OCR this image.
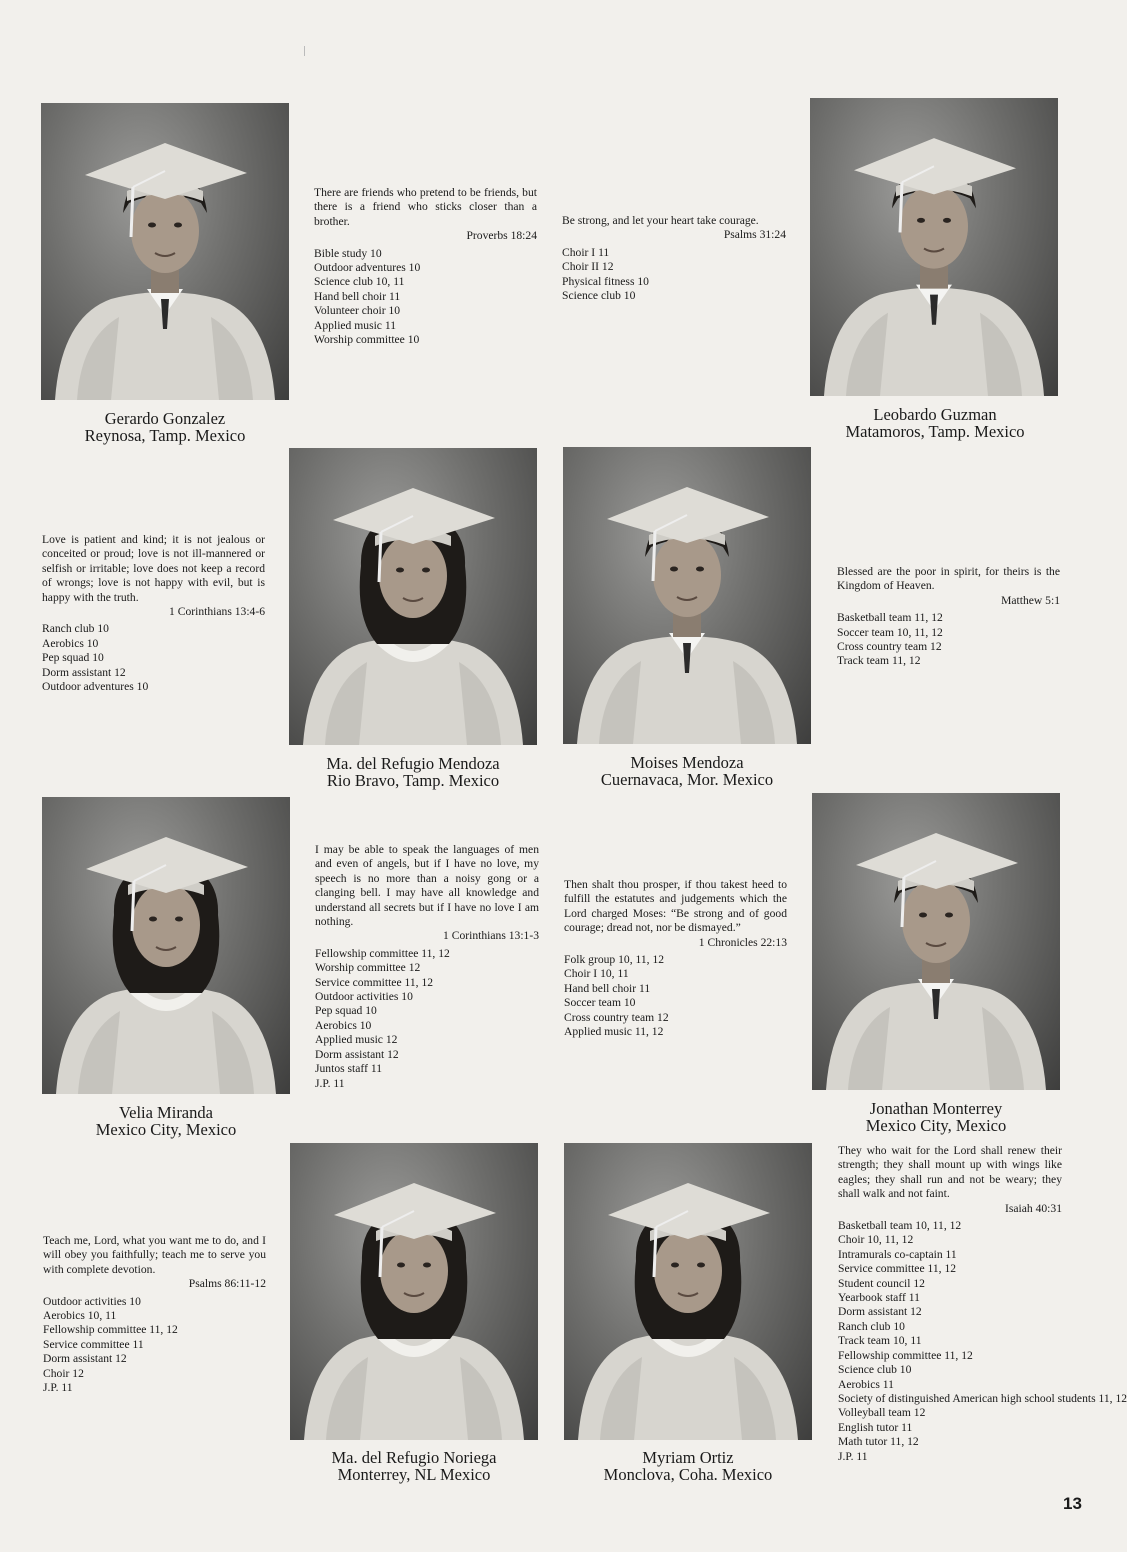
Gerardo Gonzalez
Reynosa, Tamp. Mexico
Leobardo Guzman
Matamoros, Tamp. Mexico
Ma. del Refugio Mendoza
Rio Bravo, Tamp. Mexico
Moises Mendoza
Cuernavaca, Mor. Mexico
Velia Miranda
Mexico City, Mexico
Jonathan Monterrey
Mexico City, Mexico
Ma. del Refugio Noriega
Monterrey, NL Mexico
Myriam Ortiz
Monclova, Coha. Mexico
There are friends who pretend to be friends, but there is a friend who sticks closer than a brother.
Proverbs 18:24
Bible study 10
Outdoor adventures 10
Science club 10, 11
Hand bell choir 11
Volunteer choir 10
Applied music 11
Worship committee 10
Be strong, and let your heart take courage.
Psalms 31:24
Choir I 11
Choir II 12
Physical fitness 10
Science club 10
Love is patient and kind; it is not jealous or conceited or proud; love is not ill-mannered or selfish or irritable; love does not keep a record of wrongs; love is not happy with evil, but is happy with the truth.
1 Corinthians 13:4-6
Ranch club 10
Aerobics 10
Pep squad 10
Dorm assistant 12
Outdoor adventures 10
Blessed are the poor in spirit, for theirs is the Kingdom of Heaven.
Matthew 5:1
Basketball team 11, 12
Soccer team 10, 11, 12
Cross country team 12
Track team 11, 12
I may be able to speak the languages of men and even of angels, but if I have no love, my speech is no more than a noisy gong or a clanging bell. I may have all knowledge and understand all secrets but if I have no love I am nothing.
1 Corinthians 13:1-3
Fellowship committee 11, 12
Worship committee 12
Service committee 11, 12
Outdoor activities 10
Pep squad 10
Aerobics 10
Applied music 12
Dorm assistant 12
Juntos staff 11
J.P. 11
Then shalt thou prosper, if thou takest heed to fulfill the estatutes and judgements which the Lord charged Moses: “Be strong and of good courage; dread not, nor be dismayed.”
1 Chronicles 22:13
Folk group 10, 11, 12
Choir I 10, 11
Hand bell choir 11
Soccer team 10
Cross country team 12
Applied music 11, 12
Teach me, Lord, what you want me to do, and I will obey you faithfully; teach me to serve you with complete devotion.
Psalms 86:11-12
Outdoor activities 10
Aerobics 10, 11
Fellowship committee 11, 12
Service committee 11
Dorm assistant 12
Choir 12
J.P. 11
They who wait for the Lord shall renew their strength; they shall mount up with wings like eagles; they shall run and not be weary; they shall walk and not faint.
Isaiah 40:31
Basketball team 10, 11, 12
Choir 10, 11, 12
Intramurals co-captain 11
Service committee 11, 12
Student council 12
Yearbook staff 11
Dorm assistant 12
Ranch club 10
Track team 10, 11
Fellowship committee 11, 12
Science club 10
Aerobics 11
Society of distinguished American high school students 11, 12
Volleyball team 12
English tutor 11
Math tutor 11, 12
J.P. 11
13
